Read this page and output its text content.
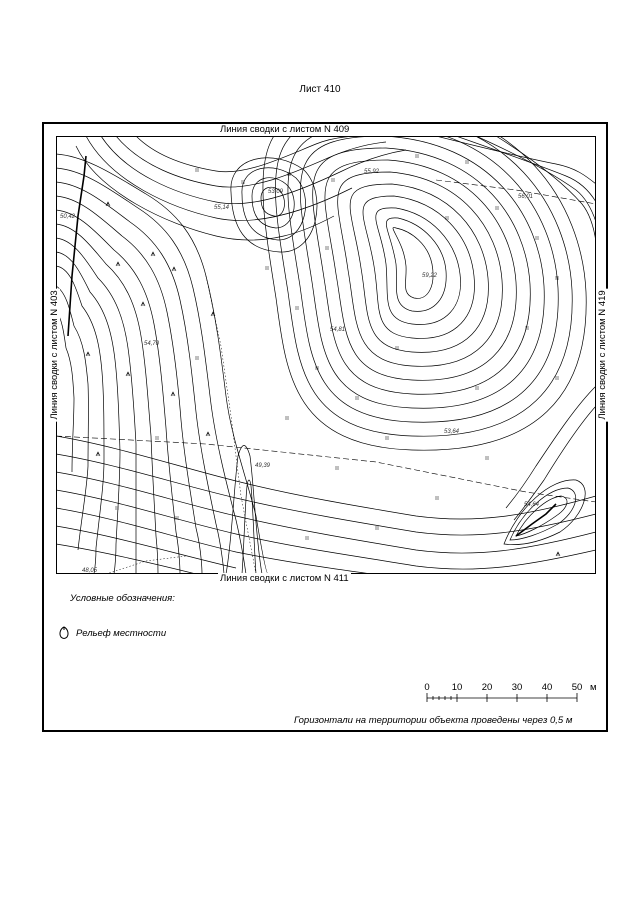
Лист 410
53,09
55,92
55,14
56,01
59,22
50,42
54,81
54,70
53,64
49,39
54,64
48,05
Линия сводки с листом N 409
Линия сводки с листом N 411
Линия сводки с листом N 403	Линия сводки с листом N 419
Условные обозначения:
Рельеф местности
0 10 20 30 40 50 м
Горизонтали на территории объекта проведены через 0,5 м
